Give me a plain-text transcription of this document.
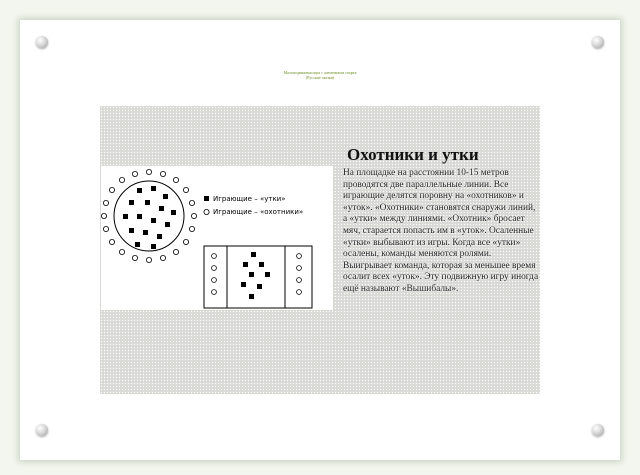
Малоподвижная игра с элементами спорта
(Русские сказки)
Играющие – «утки»
Играющие – «охотники»
Охотники и утки

На площадке на расстоянии 10-15 метров проводятся две параллельные линии. Все играющие делятся поровну на «охотников» и «уток». «Охотники» становятся снаружи линий, а «утки» между линиями. «Охотник» бросает мяч, старается попасть им в «уток». Осаленные «утки» выбывают из игры. Когда все «утки» осалены, команды меняются ролями. Выигрывает команда, которая за меньшее время осалит всех «уток». Эту подвижную игру иногда ещё называют «Вышибалы».
